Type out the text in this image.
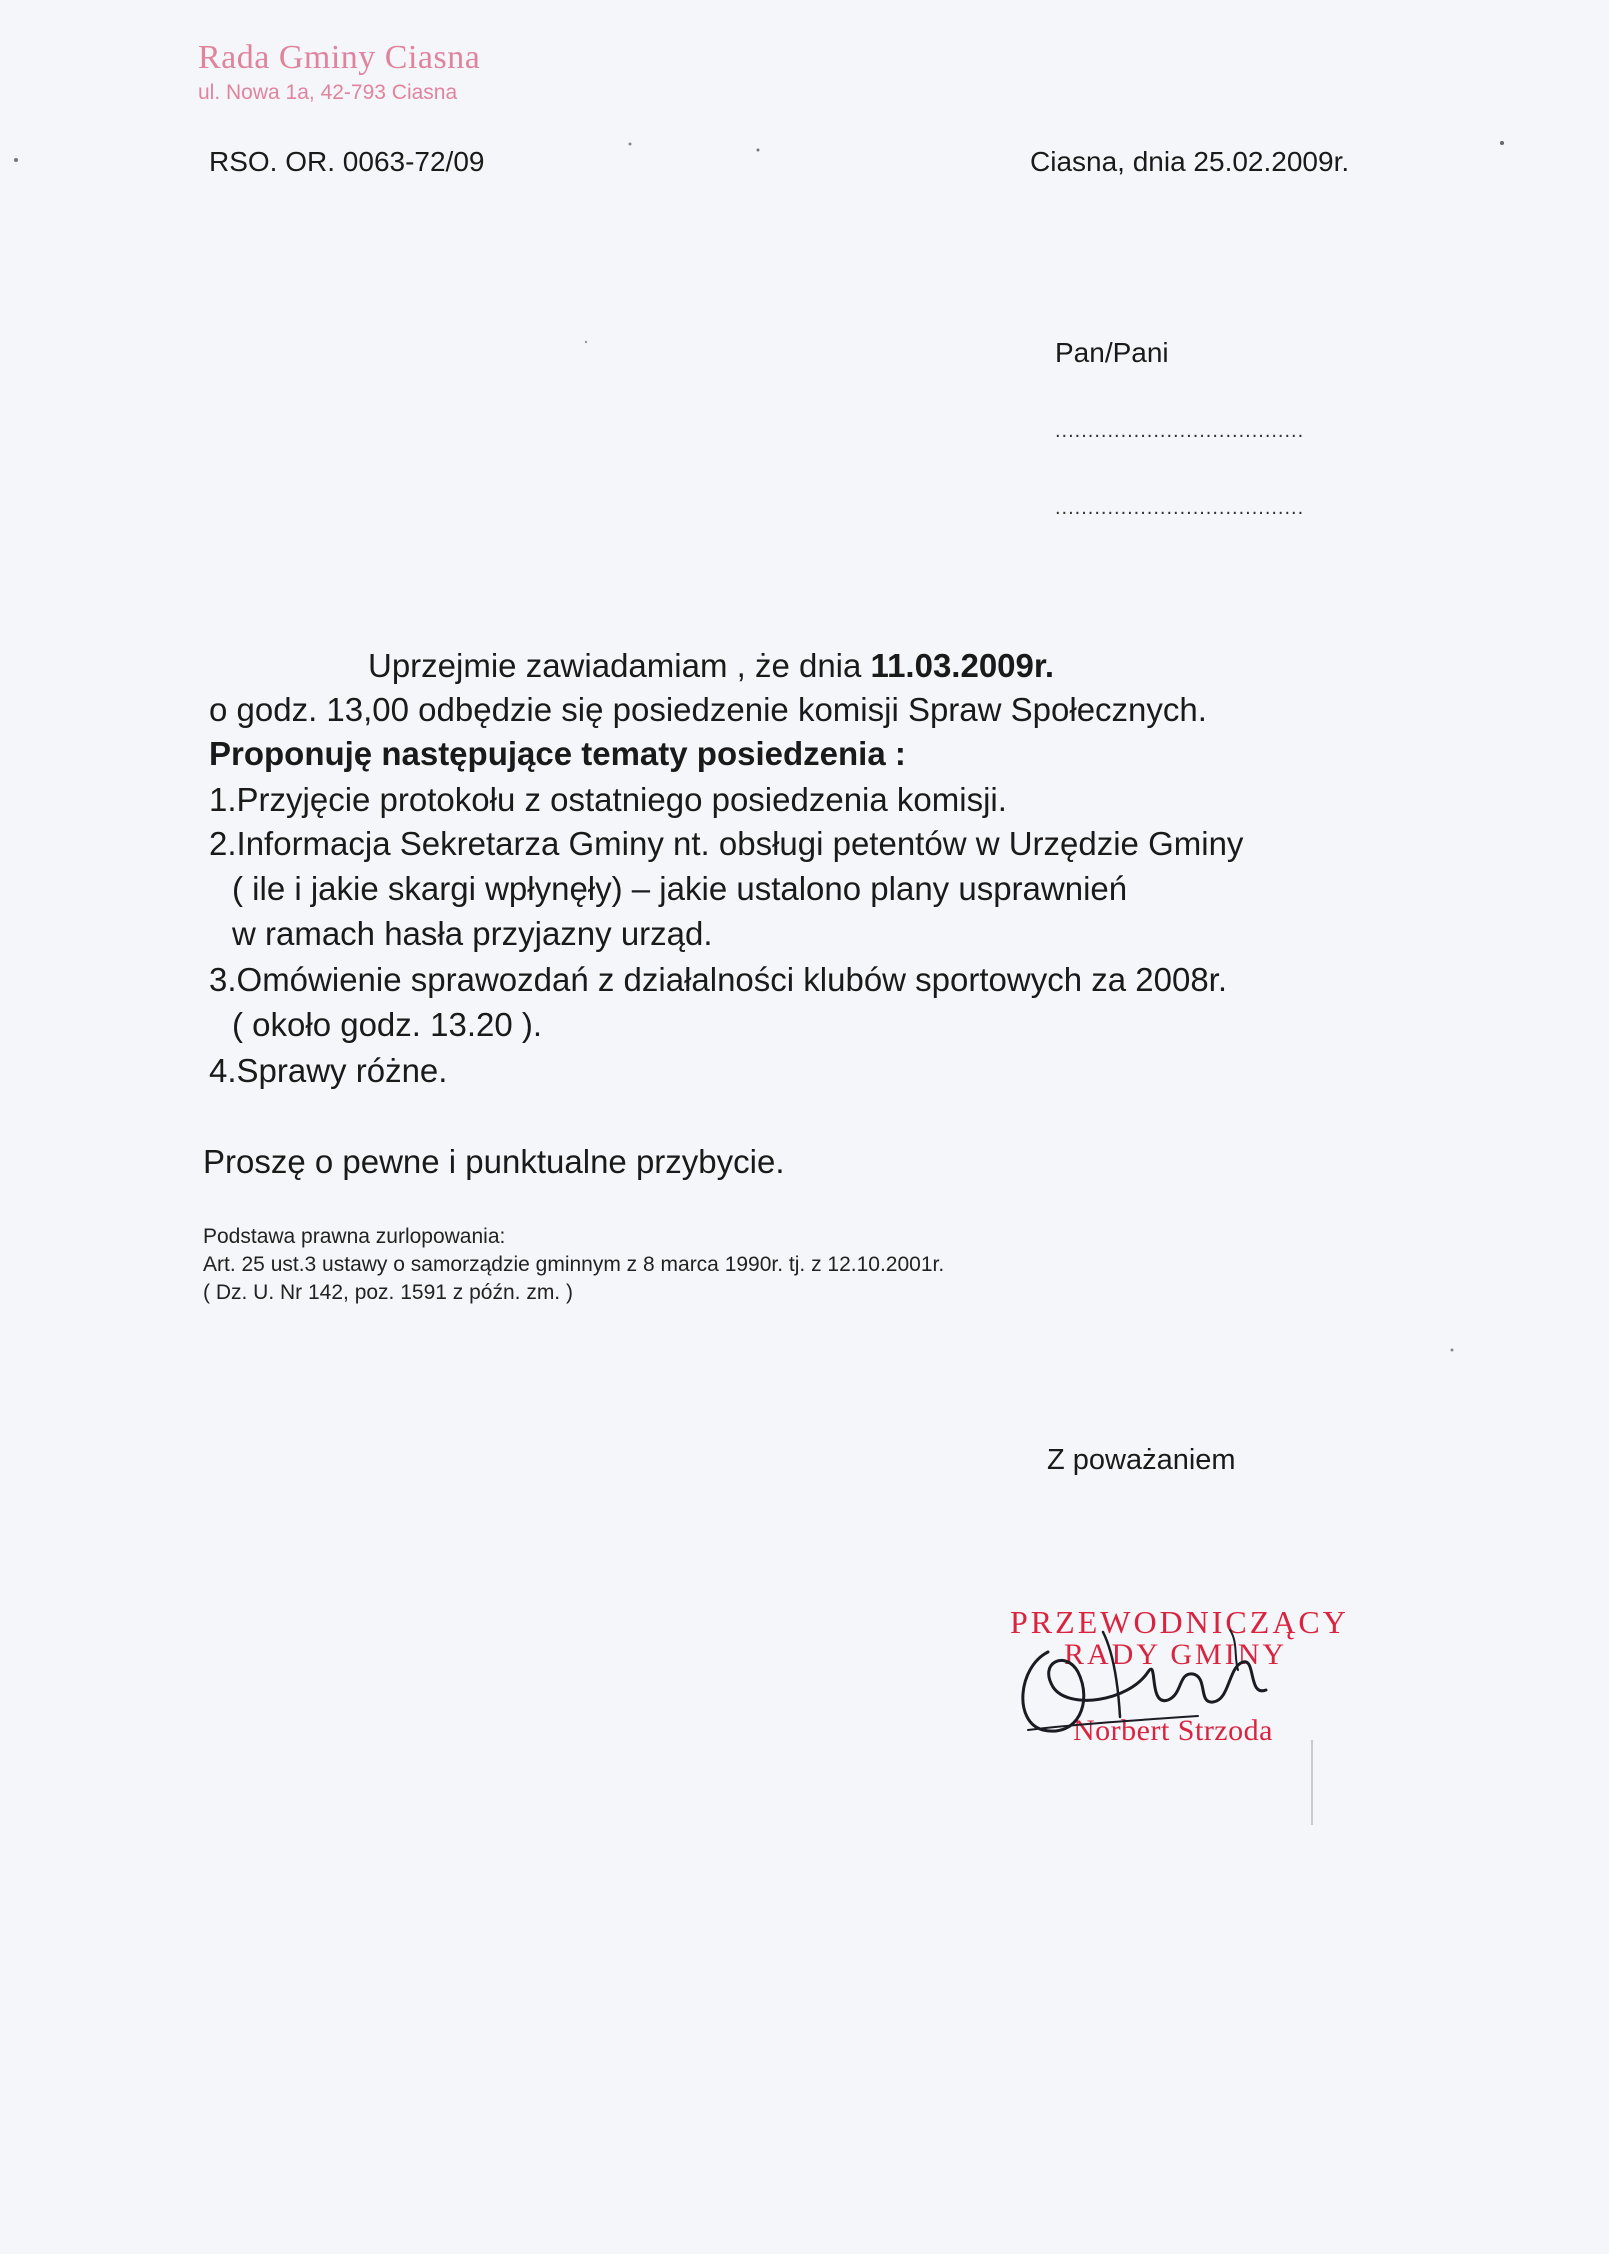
Rada Gminy Ciasna
ul. Nowa 1a, 42-793 Ciasna
RSO. OR. 0063-72/09	Ciasna, dnia 25.02.2009r.
Pan/Pani
......................................
......................................
Uprzejmie zawiadamiam , że dnia 11.03.2009r.
o godz. 13,00 odbędzie się posiedzenie komisji Spraw Społecznych.
Proponuję następujące tematy posiedzenia :
1.Przyjęcie protokołu z ostatniego posiedzenia komisji.
2.Informacja Sekretarza Gminy nt. obsługi petentów w Urzędzie Gminy
( ile i jakie skargi wpłynęły) – jakie ustalono plany usprawnień
w ramach hasła przyjazny urząd.
3.Omówienie sprawozdań z działalności klubów sportowych za 2008r.
( około godz. 13.20 ).
4.Sprawy różne.
Proszę o pewne i punktualne przybycie.
Podstawa prawna zurlopowania:
Art. 25 ust.3 ustawy o samorządzie gminnym z 8 marca 1990r. tj. z 12.10.2001r.
( Dz. U. Nr 142, poz. 1591 z późn. zm. )
Z poważaniem
PRZEWODNICZĄCY
RADY GMINY
Norbert Strzoda
